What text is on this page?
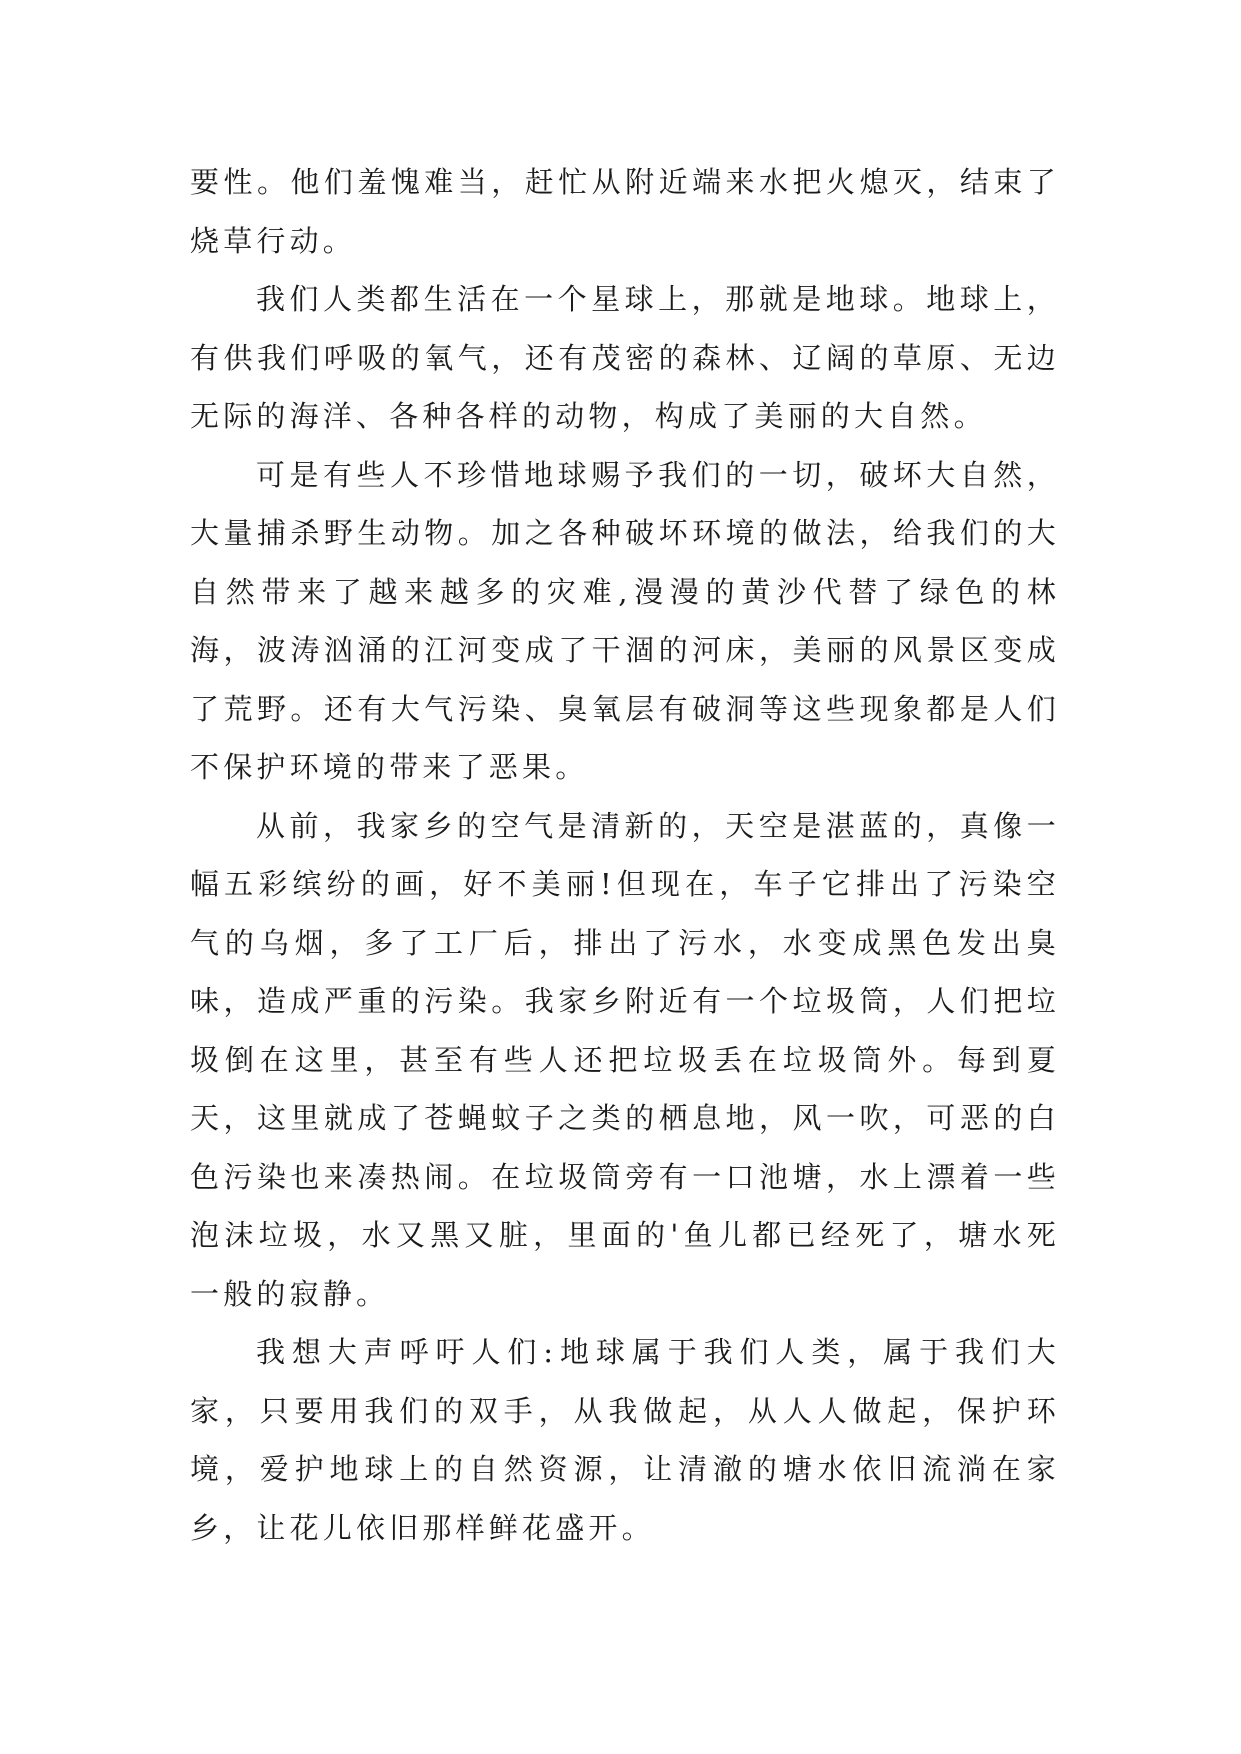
要性。他们羞愧难当，赶忙从附近端来水把火熄灭，结束了烧草行动。

我们人类都生活在一个星球上，那就是地球。地球上，有供我们呼吸的氧气，还有茂密的森林、辽阔的草原、无边无际的海洋、各种各样的动物，构成了美丽的大自然。

可是有些人不珍惜地球赐予我们的一切，破坏大自然，大量捕杀野生动物。加之各种破坏环境的做法，给我们的大自然带来了越来越多的灾难,漫漫的黄沙代替了绿色的林海，波涛汹涌的江河变成了干涸的河床，美丽的风景区变成了荒野。还有大气污染、臭氧层有破洞等这些现象都是人们不保护环境的带来了恶果。

从前，我家乡的空气是清新的，天空是湛蓝的，真像一幅五彩缤纷的画，好不美丽!但现在，车子它排出了污染空气的乌烟，多了工厂后，排出了污水，水变成黑色发出臭味，造成严重的污染。我家乡附近有一个垃圾筒，人们把垃圾倒在这里，甚至有些人还把垃圾丢在垃圾筒外。每到夏天，这里就成了苍蝇蚊子之类的栖息地，风一吹，可恶的白色污染也来凑热闹。在垃圾筒旁有一口池塘，水上漂着一些泡沫垃圾，水又黑又脏，里面的'鱼儿都已经死了，塘水死一般的寂静。

我想大声呼吁人们:地球属于我们人类，属于我们大家，只要用我们的双手，从我做起，从人人做起，保护环境，爱护地球上的自然资源，让清澈的塘水依旧流淌在家乡，让花儿依旧那样鲜花盛开。
